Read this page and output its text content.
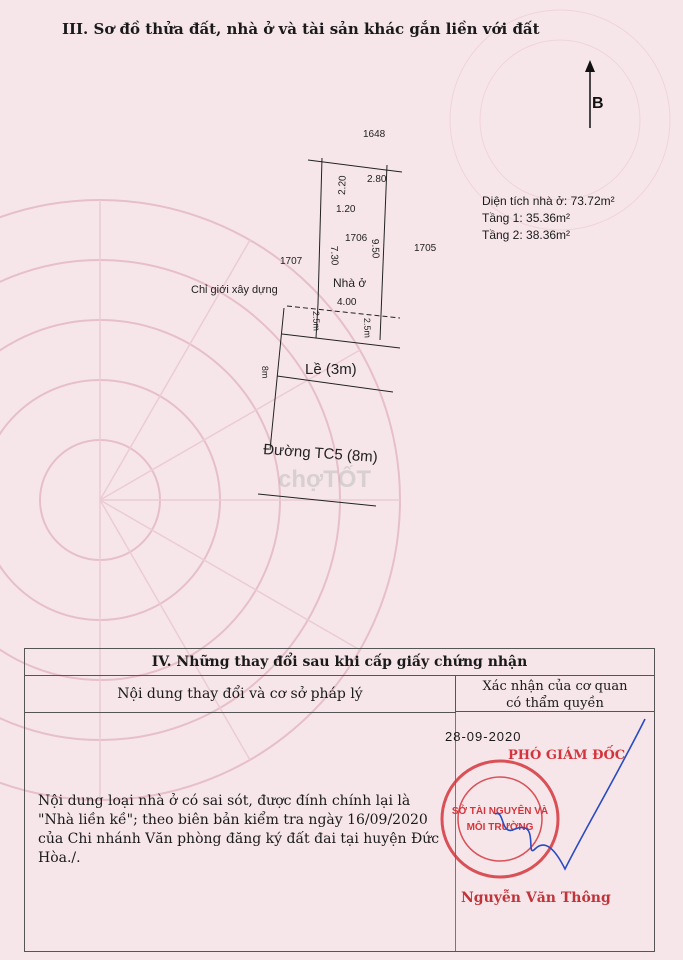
III. Sơ đồ thửa đất, nhà ở và tài sản khác gắn liền với đất
B
1648
2.80
2.20
1.20
1706
9.50
7.30
1707
1705
Nhà ở
Chỉ giới xây dựng
4.00
2.5m	2.5m
8m Lề (3m)
Đường TC5 (8m)
chợTỐT
Diện tích nhà ở: 73.72m²
Tầng 1: 35.36m²
Tầng 2: 38.36m²
IV. Những thay đổi sau khi cấp giấy chứng nhận
Nội dung thay đổi và cơ sở pháp lý	Xác nhận của cơ quan
có thẩm quyền
28-09-2020
PHÓ GIÁM ĐỐC
Nội dung loại nhà ở có sai sót, được đính chính lại là "Nhà liền kề"; theo biên bản kiểm tra ngày 16/09/2020 của Chi nhánh Văn phòng đăng ký đất đai tại huyện Đức Hòa./.
SỞ TÀI NGUYÊN VÀ
MÔI TRƯỜNG
Nguyễn Văn Thông
